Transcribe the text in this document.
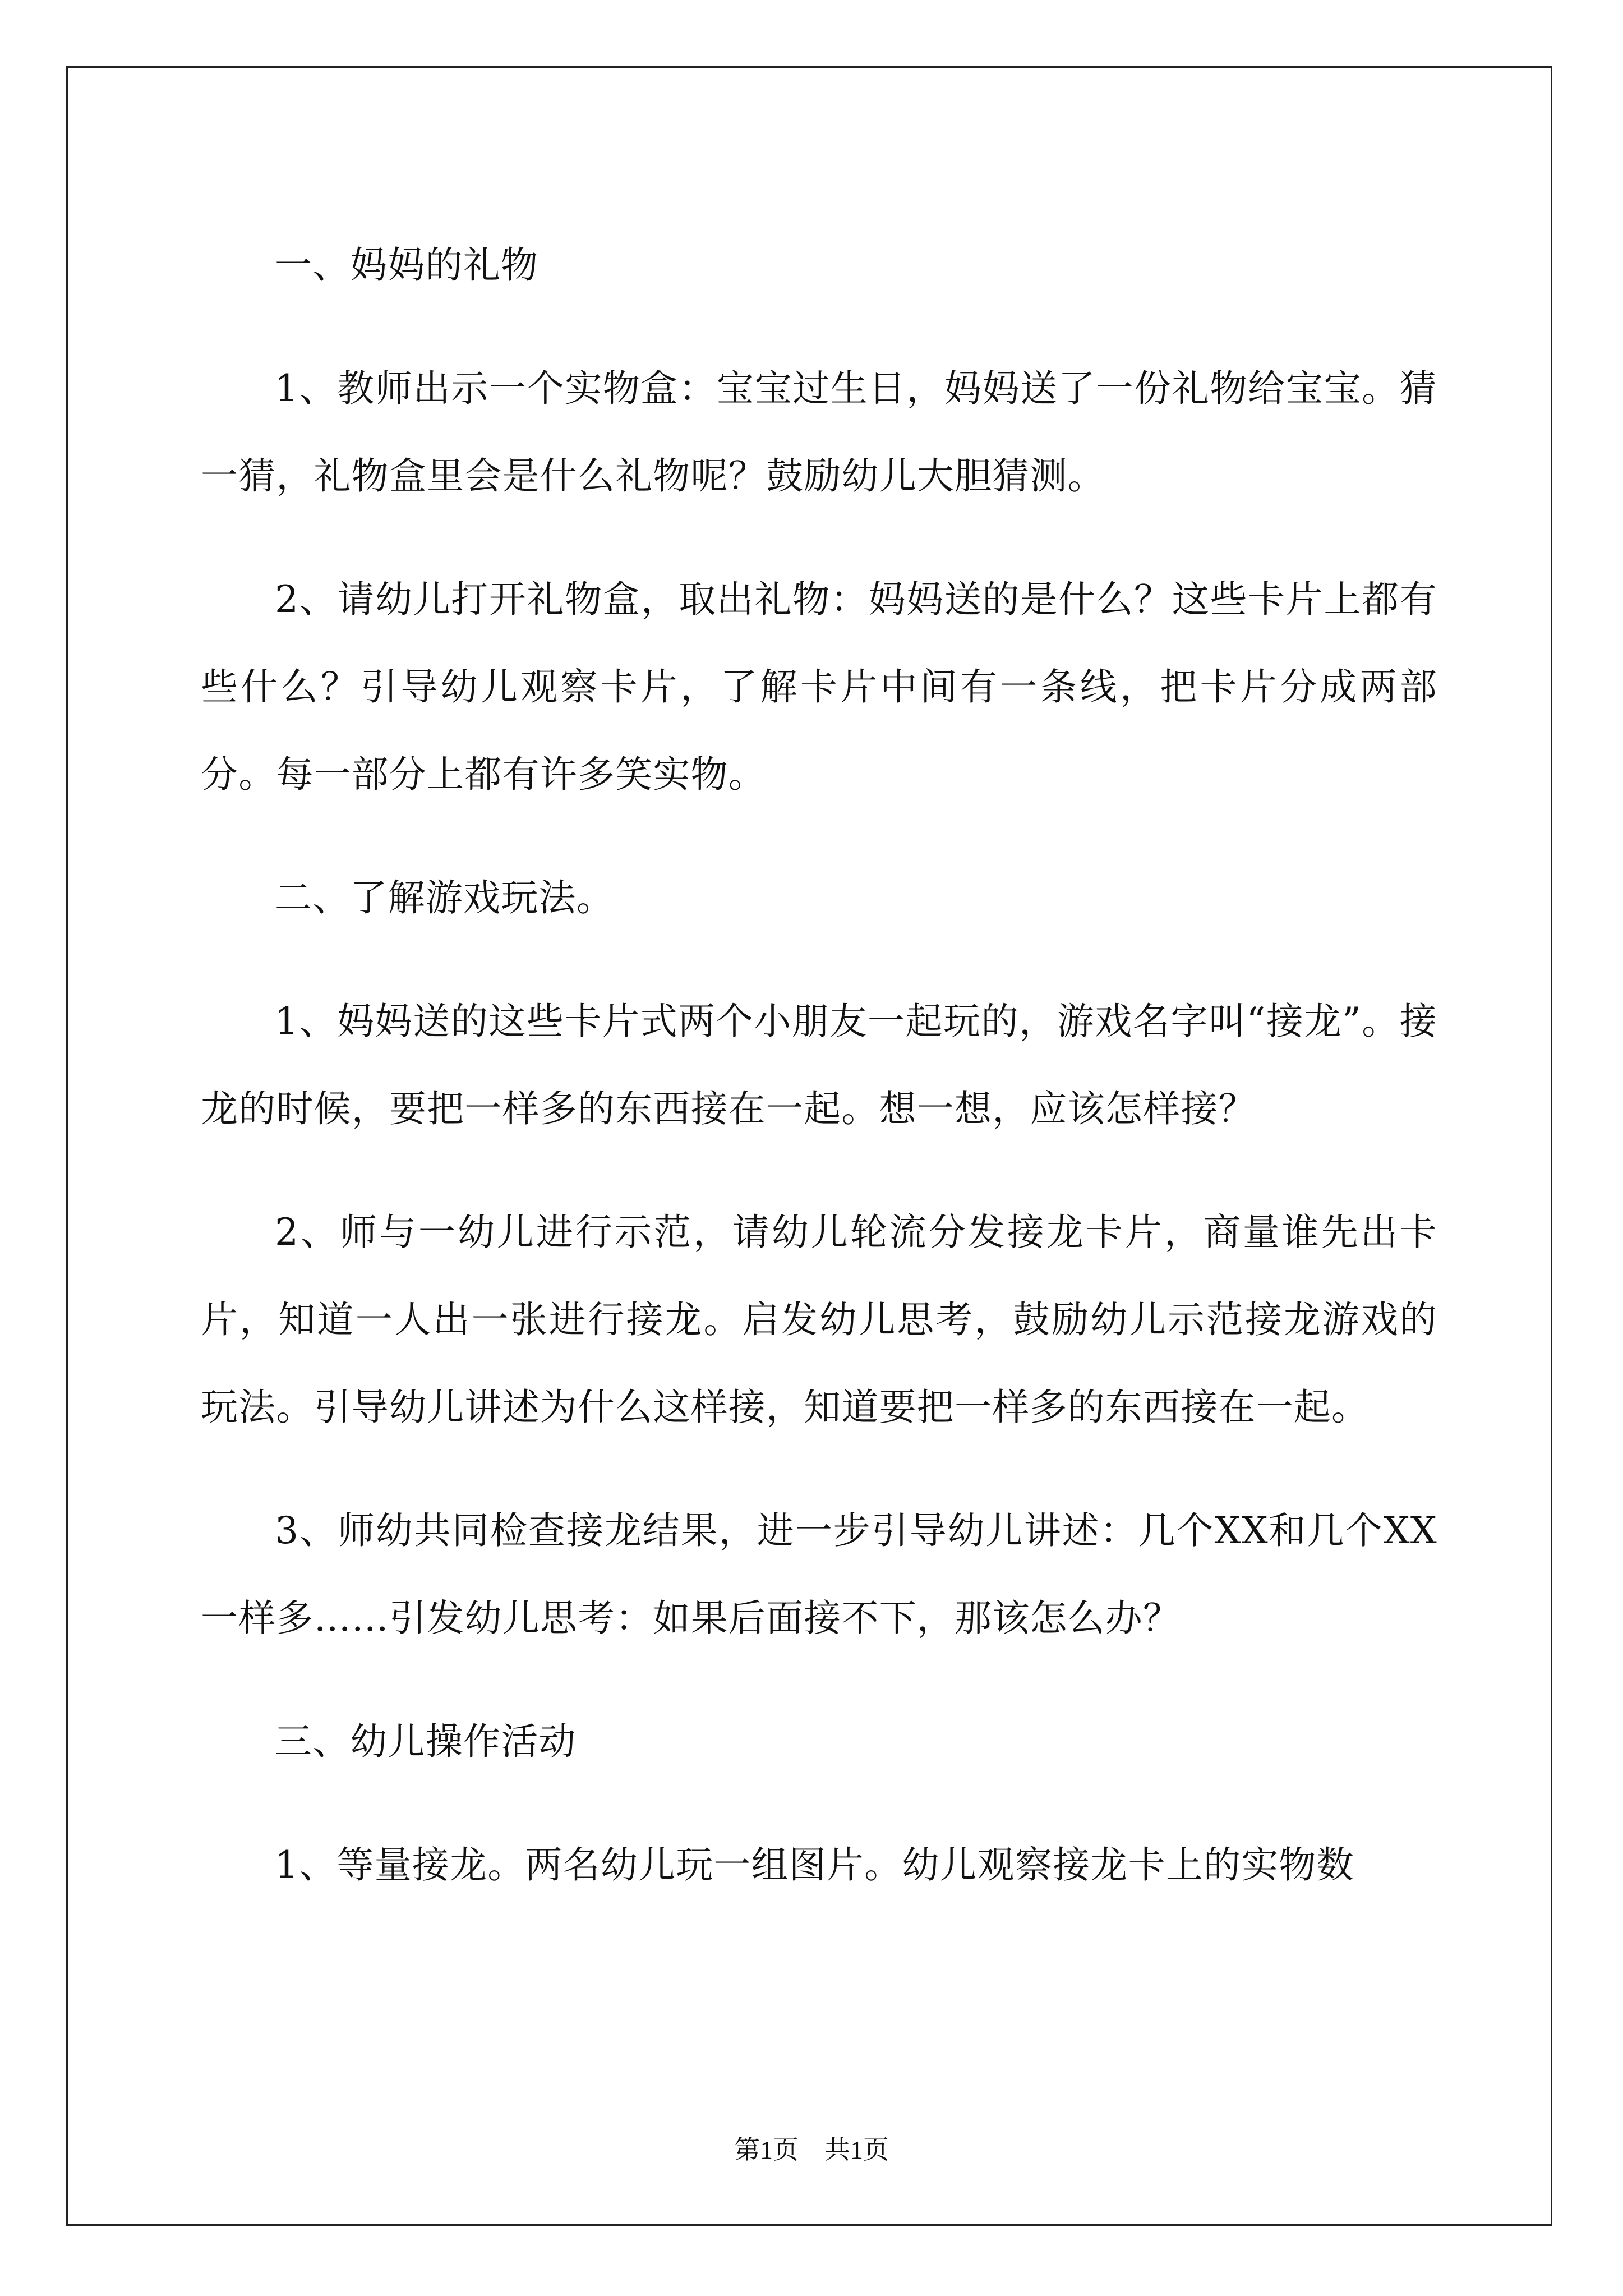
一、妈妈的礼物

1、教师出示一个实物盒：宝宝过生日，妈妈送了一份礼物给宝宝。猜一猜，礼物盒里会是什么礼物呢？鼓励幼儿大胆猜测。

2、请幼儿打开礼物盒，取出礼物：妈妈送的是什么？这些卡片上都有些什么？引导幼儿观察卡片，了解卡片中间有一条线，把卡片分成两部分。每一部分上都有许多笑实物。

二、了解游戏玩法。

1、妈妈送的这些卡片式两个小朋友一起玩的，游戏名字叫“接龙”。接龙的时候，要把一样多的东西接在一起。想一想，应该怎样接？

2、师与一幼儿进行示范，请幼儿轮流分发接龙卡片，商量谁先出卡片，知道一人出一张进行接龙。启发幼儿思考，鼓励幼儿示范接龙游戏的玩法。引导幼儿讲述为什么这样接，知道要把一样多的东西接在一起。

3、师幼共同检查接龙结果，进一步引导幼儿讲述：几个XX和几个XX一样多……引发幼儿思考：如果后面接不下，那该怎么办？

三、幼儿操作活动

1、等量接龙。两名幼儿玩一组图片。幼儿观察接龙卡上的实物数

第1页　共1页
